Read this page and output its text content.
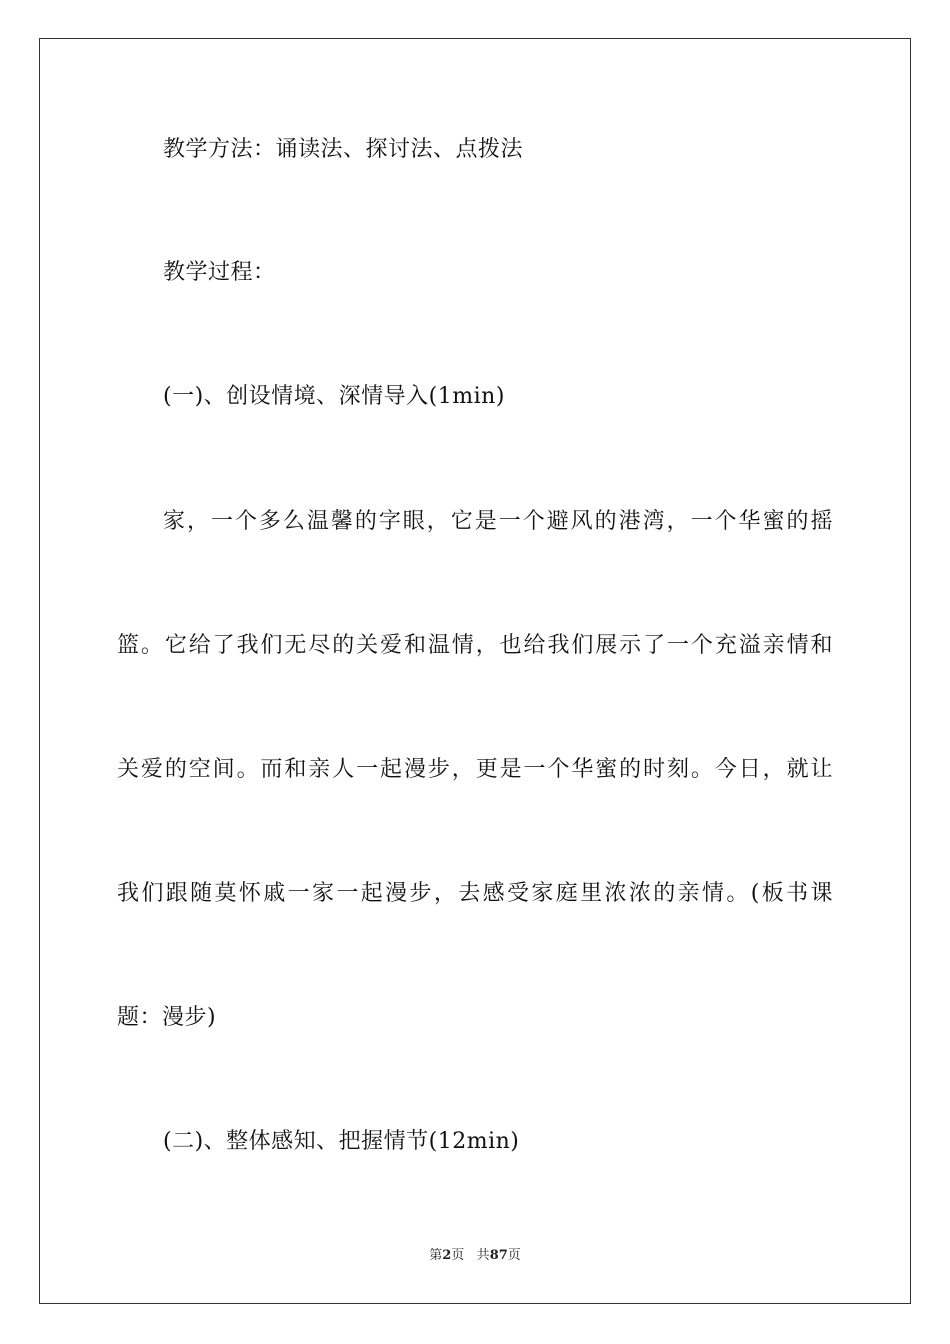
教学方法：诵读法、探讨法、点拨法
教学过程：
(一)、创设情境、深情导入(1min)
家，一个多么温馨的字眼，它是一个避风的港湾，一个华蜜的摇
篮。它给了我们无尽的关爱和温情，也给我们展示了一个充溢亲情和
关爱的空间。而和亲人一起漫步，更是一个华蜜的时刻。今日，就让
我们跟随莫怀戚一家一起漫步，去感受家庭里浓浓的亲情。(板书课
题：漫步)
(二)、整体感知、把握情节(12min)
第2页 共87页
